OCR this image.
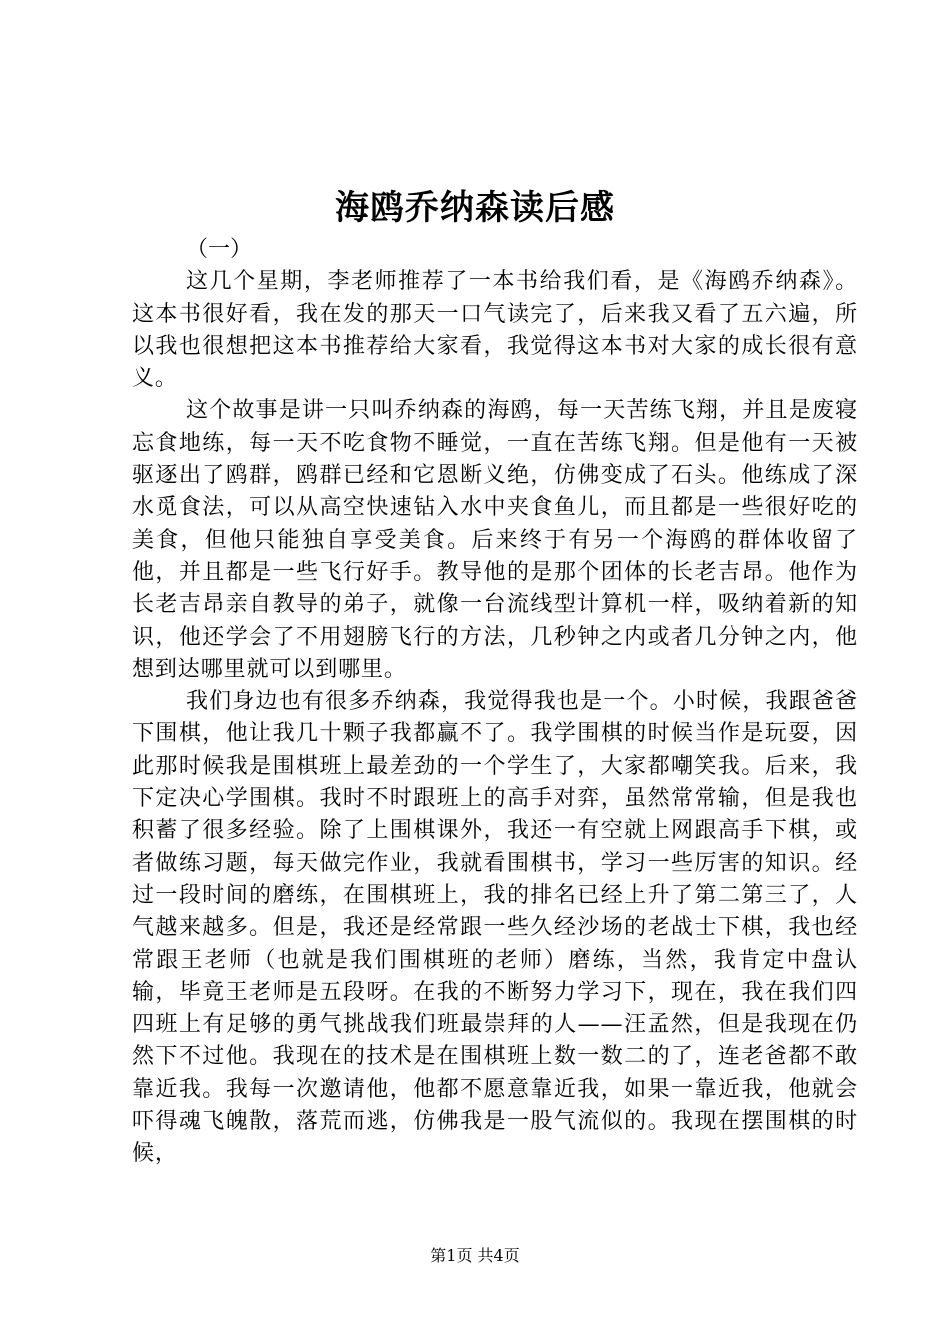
海鸥乔纳森读后感

（一）

这几个星期，李老师推荐了一本书给我们看，是《海鸥乔纳森》。这本书很好看，我在发的那天一口气读完了，后来我又看了五六遍，所以我也很想把这本书推荐给大家看，我觉得这本书对大家的成长很有意义。

这个故事是讲一只叫乔纳森的海鸥，每一天苦练飞翔，并且是废寝忘食地练，每一天不吃食物不睡觉，一直在苦练飞翔。但是他有一天被驱逐出了鸥群，鸥群已经和它恩断义绝，仿佛变成了石头。他练成了深水觅食法，可以从高空快速钻入水中夹食鱼儿，而且都是一些很好吃的美食，但他只能独自享受美食。后来终于有另一个海鸥的群体收留了他，并且都是一些飞行好手。教导他的是那个团体的长老吉昂。他作为长老吉昂亲自教导的弟子，就像一台流线型计算机一样，吸纳着新的知识，他还学会了不用翅膀飞行的方法，几秒钟之内或者几分钟之内，他想到达哪里就可以到哪里。

我们身边也有很多乔纳森，我觉得我也是一个。小时候，我跟爸爸下围棋，他让我几十颗子我都赢不了。我学围棋的时候当作是玩耍，因此那时候我是围棋班上最差劲的一个学生了，大家都嘲笑我。后来，我下定决心学围棋。我时不时跟班上的高手对弈，虽然常常输，但是我也积蓄了很多经验。除了上围棋课外，我还一有空就上网跟高手下棋，或者做练习题，每天做完作业，我就看围棋书，学习一些厉害的知识。经过一段时间的磨练，在围棋班上，我的排名已经上升了第二第三了，人气越来越多。但是，我还是经常跟一些久经沙场的老战士下棋，我也经常跟王老师（也就是我们围棋班的老师）磨练，当然，我肯定中盘认输，毕竟王老师是五段呀。在我的不断努力学习下，现在，我在我们四四班上有足够的勇气挑战我们班最崇拜的人——汪孟然，但是我现在仍然下不过他。我现在的技术是在围棋班上数一数二的了，连老爸都不敢靠近我。我每一次邀请他，他都不愿意靠近我，如果一靠近我，他就会吓得魂飞魄散，落荒而逃，仿佛我是一股气流似的。我现在摆围棋的时候，

第1页 共4页
